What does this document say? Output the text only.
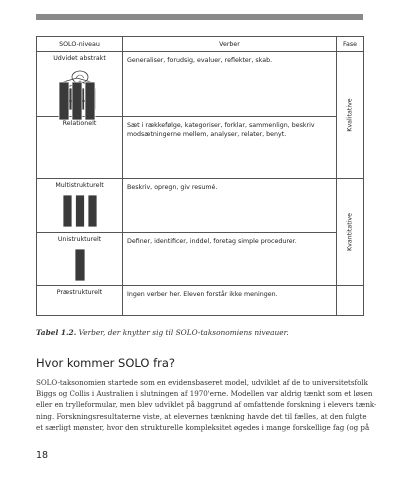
SOLO-niveau	Verber	Fase

Udvidet abstrakt	Generaliser, forudsig, evaluer, reflekter, skab.	Kvalitative

Relationelt	Sæt i rækkefølge, kategoriser, forklar, sammenlign, beskriv modsætningerne mellem, analyser, relater, benyt.	

Multistrukturelt	Beskriv, opregn, giv resumé.	Kvantitative

Unistrukturelt	Definer, identificer, inddel, foretag simple procedurer.	

Præstrukturelt	Ingen verber her. Eleven forstår ikke meningen.	

Tabel 1.2. Verber, der knytter sig til SOLO-taksonomiens niveauer.
Hvor kommer SOLO fra?
SOLO-taksonomien startede som en evidensbaseret model, udviklet af de to universitetsfolk
Biggs og Collis i Australien i slutningen af 1970'erne. Modellen var aldrig tænkt som et løsen
eller en trylleformular, men blev udviklet på baggrund af omfattende forskning i elevers tænk-
ning. Forskningsresultaterne viste, at elevernes tænkning havde det til fælles, at den fulgte
et særligt mønster, hvor den strukturelle kompleksitet øgedes i mange forskellige fag (og på
18
